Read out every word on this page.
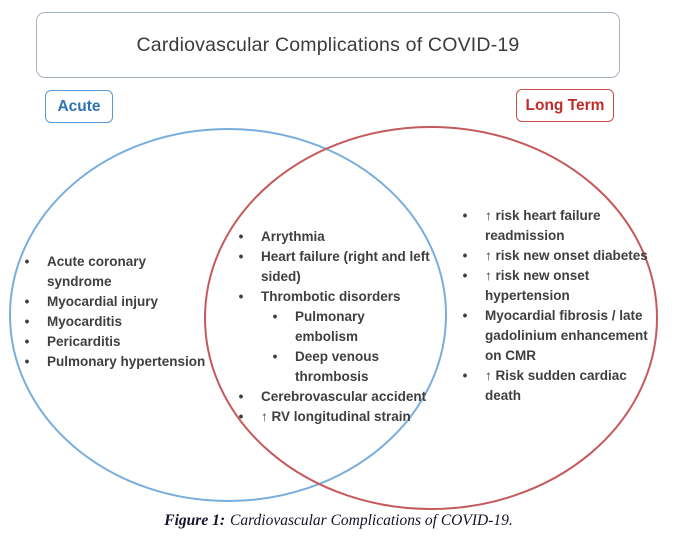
Cardiovascular Complications of COVID-19
Acute	Long Term
• Acute coronary syndrome
• Myocardial injury
• Myocarditis
• Pericarditis
• Pulmonary hypertension
• Arrythmia
• Heart failure (right and left sided)
• Thrombotic disorders
• Pulmonary embolism
• Deep venous thrombosis
• Cerebrovascular accident
• ↑ RV longitudinal strain
• ↑ risk heart failure readmission
• ↑ risk new onset diabetes
• ↑ risk new onset hypertension
• Myocardial fibrosis / late gadolinium enhancement on CMR
• ↑ Risk sudden cardiac death
Figure 1: Cardiovascular Complications of COVID-19.
